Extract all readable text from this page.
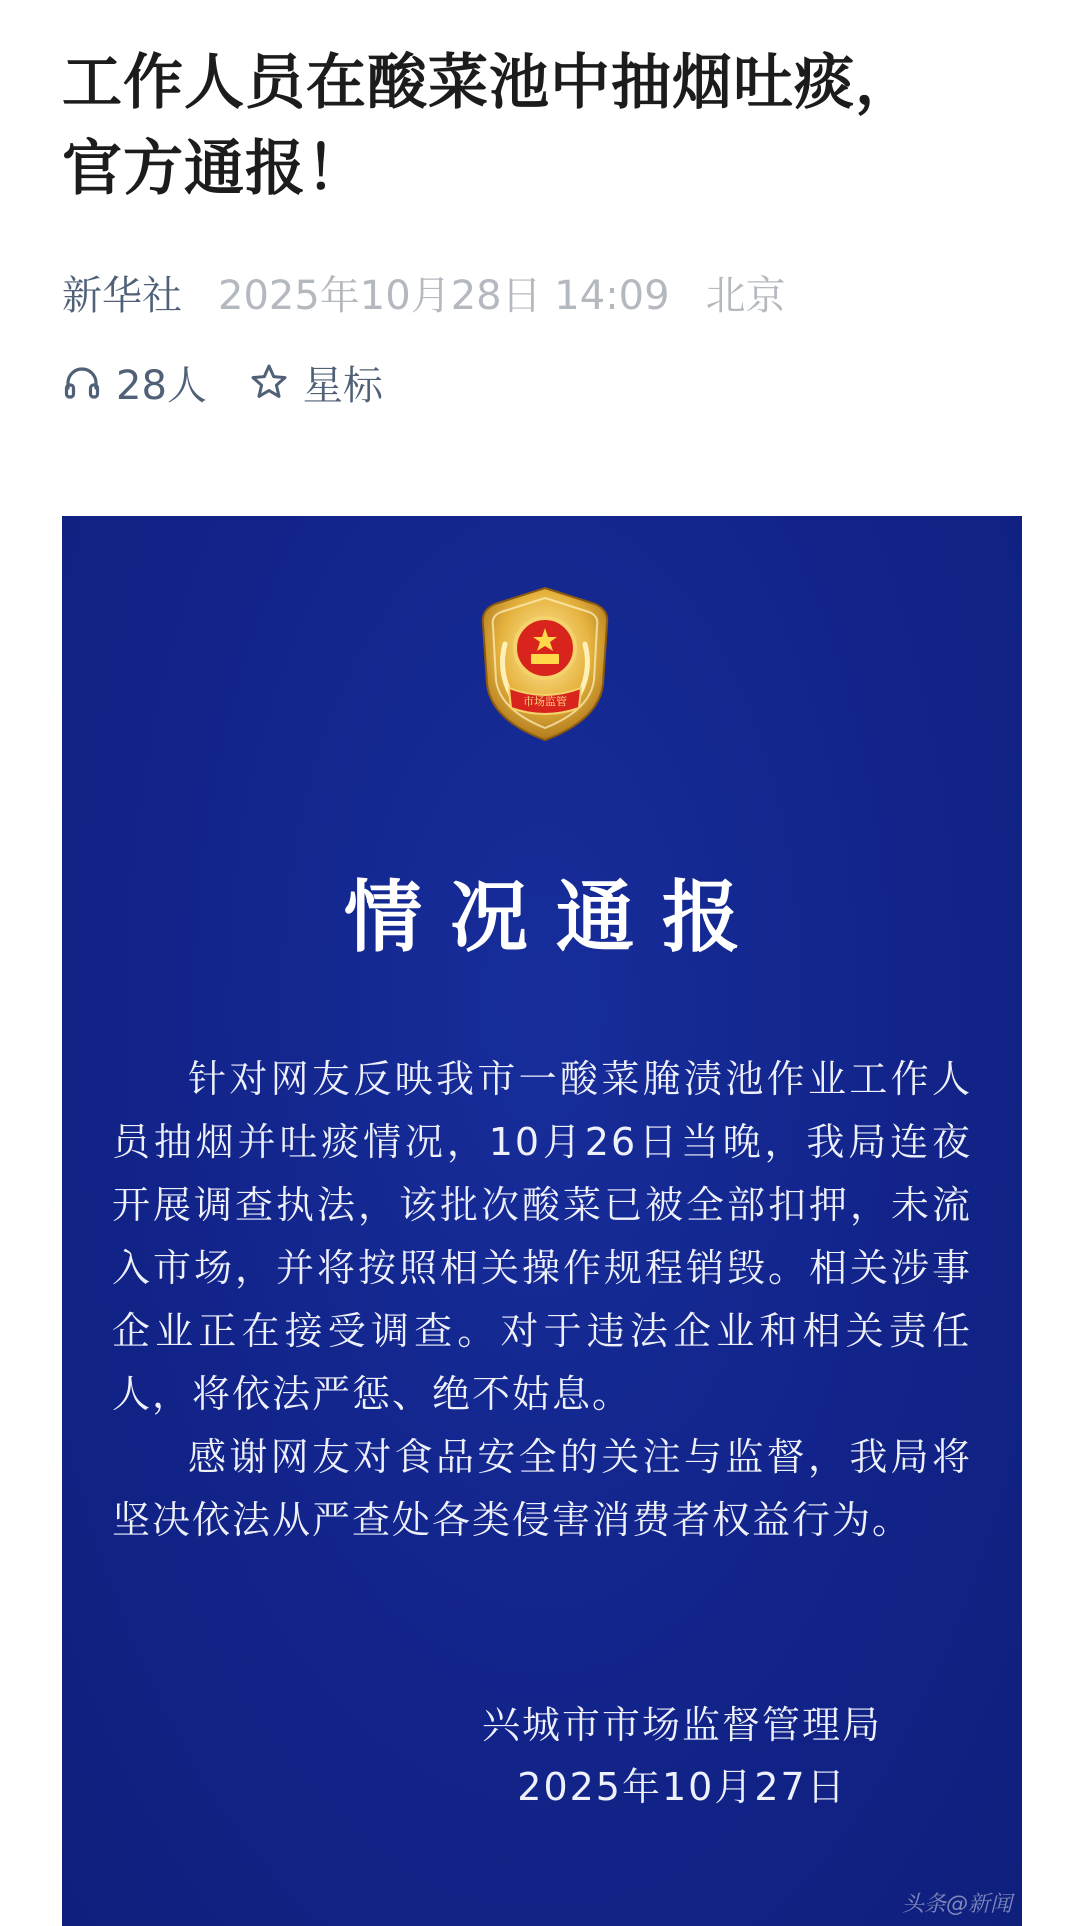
工作人员在酸菜池中抽烟吐痰，
官方通报！
新华社 2025年10月28日 14:09 北京
28人 星标
市场监管
情况通报

针对网友反映我市一酸菜腌渍池作业工作人员抽烟并吐痰情况，10月26日当晚，我局连夜开展调查执法，该批次酸菜已被全部扣押，未流入市场，并将按照相关操作规程销毁。相关涉事企业正在接受调查。对于违法企业和相关责任人，将依法严惩、绝不姑息。

感谢网友对食品安全的关注与监督，我局将坚决依法从严查处各类侵害消费者权益行为。

兴城市市场监督管理局
2025年10月27日
头条@新闻
